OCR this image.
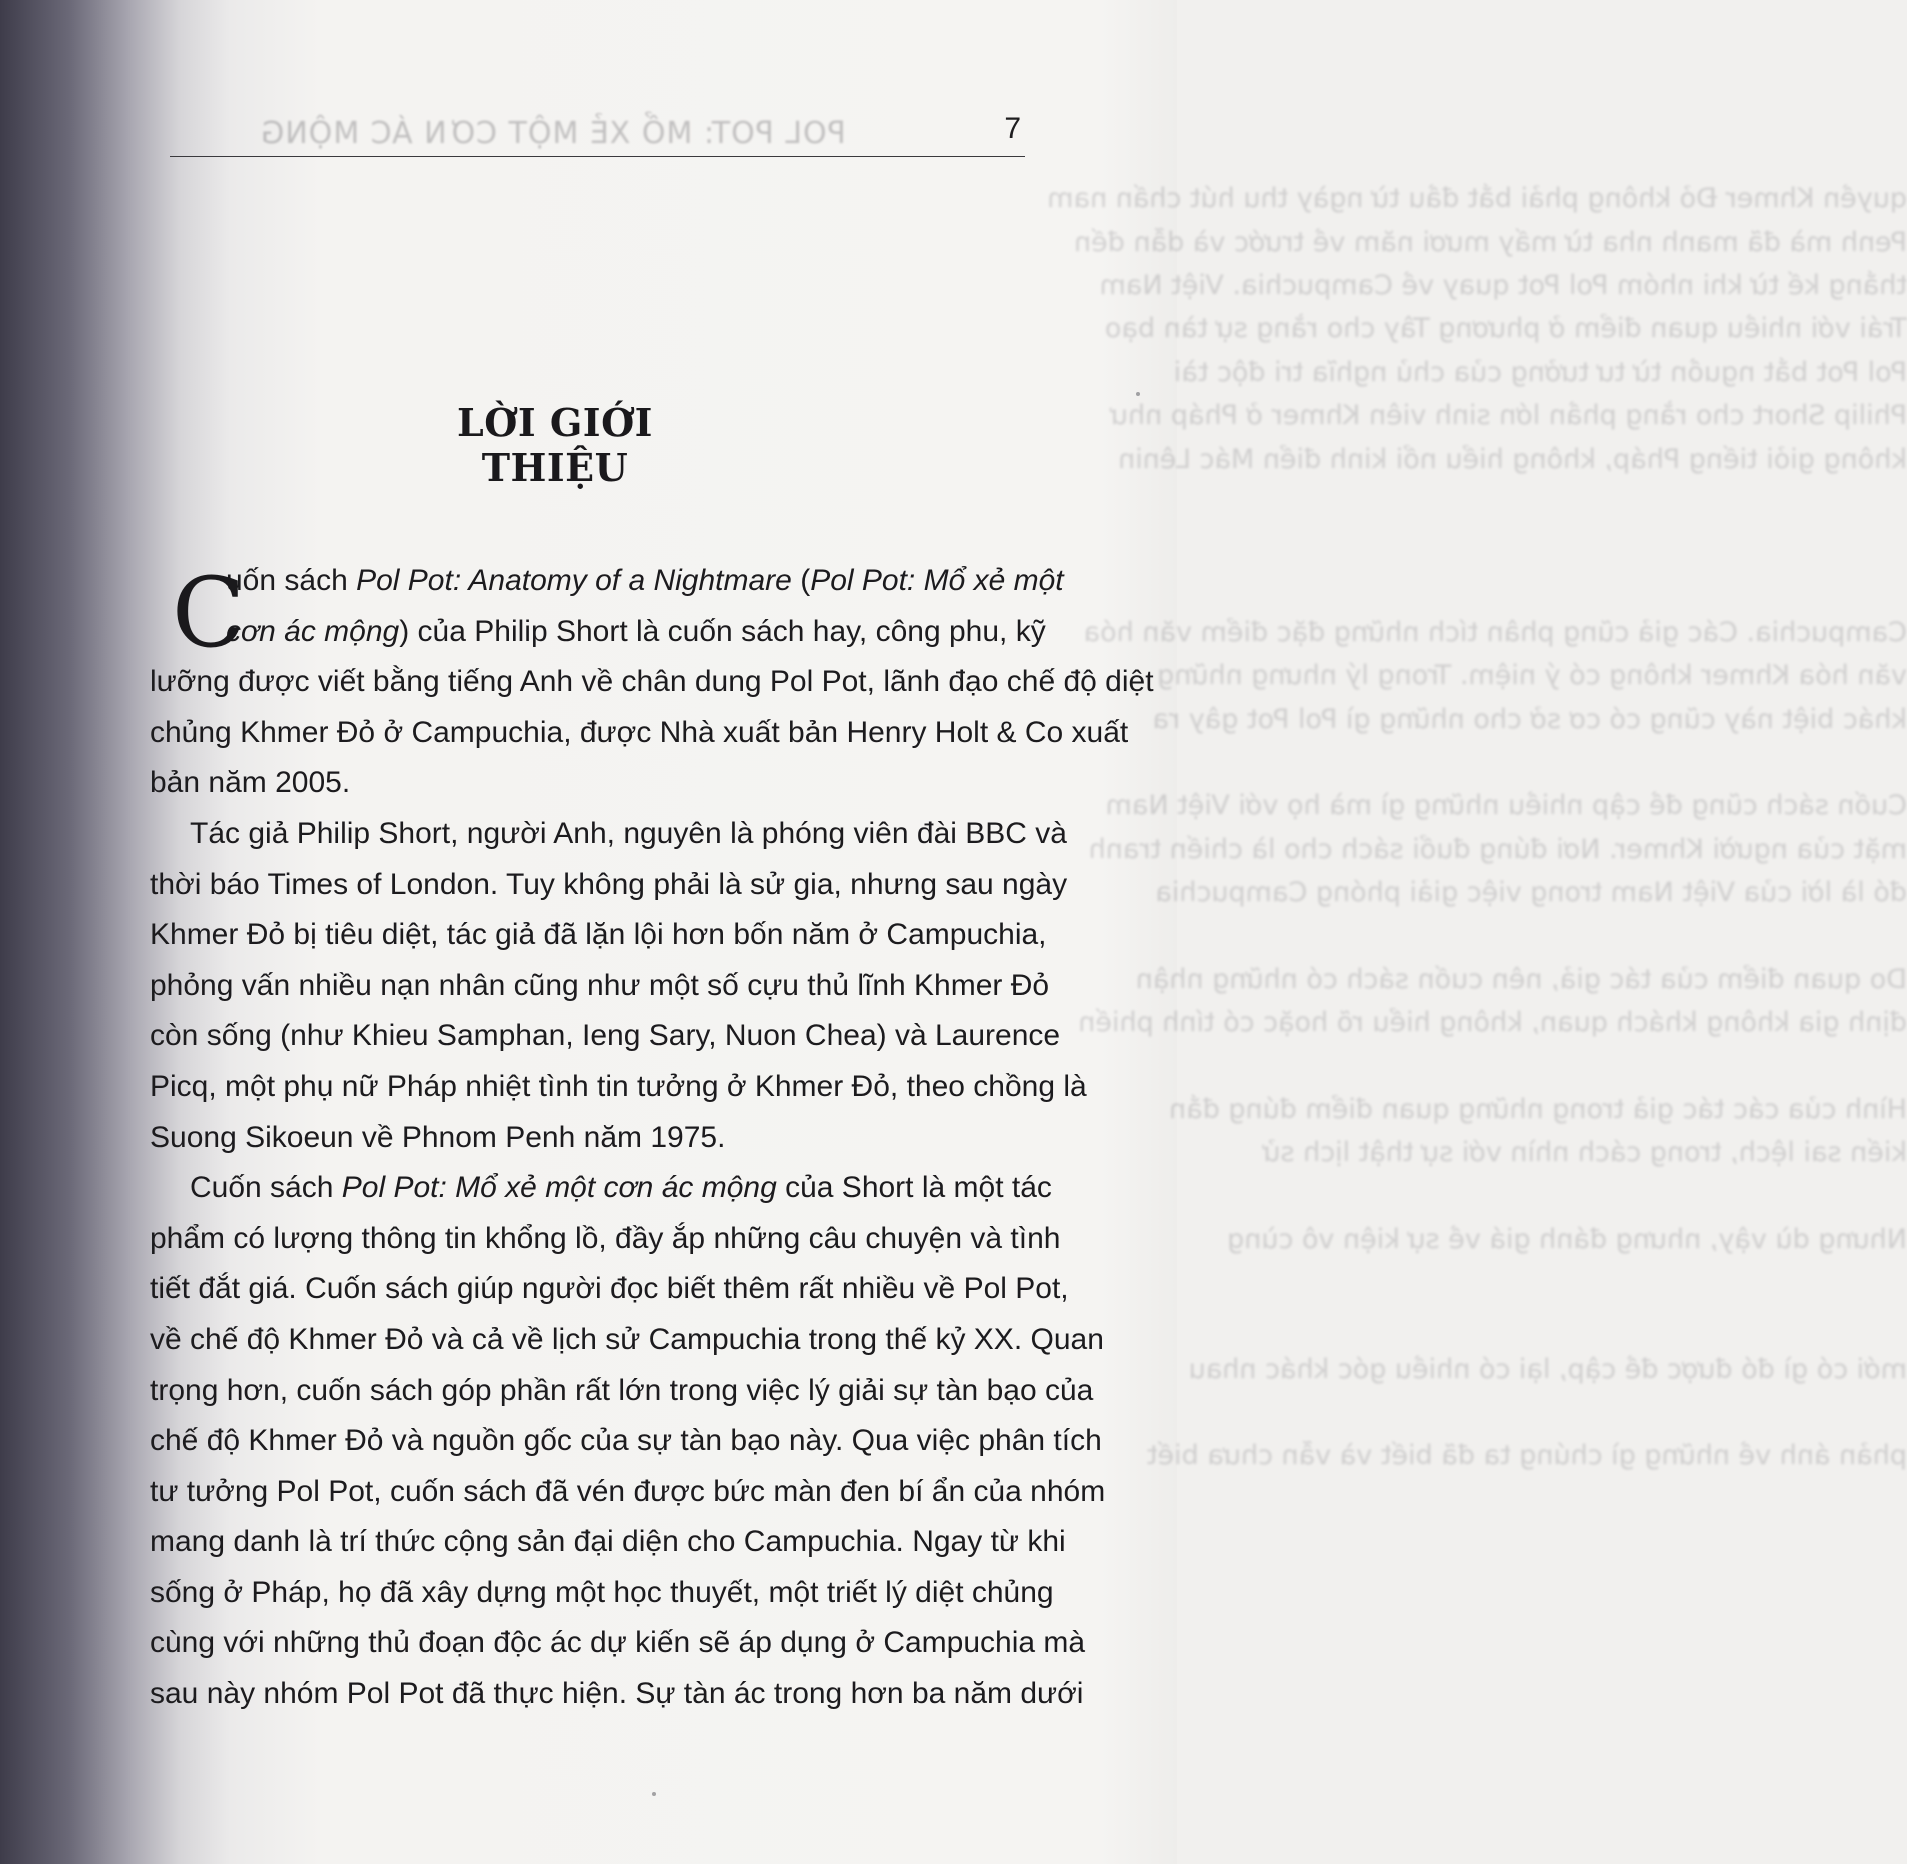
quyền Khmer Đỏ không phải bắt đầu từ ngày thu hút chấn nam
Penh mà đã manh nha từ mấy mươi năm về trước và dẫn đến
thắng kế từ khi nhóm Pol Pot quay về Campuchia. Việt Nam
Trái với nhiều quan điểm ở phương Tây cho rằng sự tàn bạo
Pol Pot bắt nguồn từ tư tưởng của chủ nghĩa tri độc tài
Philip Short cho rằng phần lớn sinh viên Khmer ở Pháp như
không giỏi tiếng Pháp, không hiểu nổi kinh điển Mác Lênin
Campuchia. Các giả cũng phân tích những đặc điểm văn hóa
văn hóa Khmer không có ý niệm. Trong lý nhưng những
khác biệt này cũng có cơ sở cho những gì Pol Pot gây ra
Cuốn sách cũng đề cập nhiều những gì mà họ với Việt Nam
mặt của người Khmer. Nơi đúng đuổi sách cho là chiến tranh
đó là lời của Việt Nam trong việc giải phóng Campuchia
Do quan điểm của tác giả, nên cuốn sách có những nhận
định gia không khách quan, không hiểu rõ hoặc có tính phiến
Hình của các tác giả trong những quan điểm đúng đắn
kiến sai lệch, trong cách nhìn với sự thật lịch sử
Nhưng dù vậy, nhưng đánh giá về sự kiện vô cùng
mới có gì đó được đề cập, lại có nhiều góc khác nhau
phản ánh về những gì chúng ta đã biết và vẫn chưa biết
POL POT: MỔ XẺ MỘT CƠN ÁC MỘNG	7
LỜI GIỚI THIỆU
C
uốn sách Pol Pot: Anatomy of a Nightmare (Pol Pot: Mổ xẻ một
cơn ác mộng) của Philip Short là cuốn sách hay, công phu, kỹ
lưỡng được viết bằng tiếng Anh về chân dung Pol Pot, lãnh đạo chế độ diệt
chủng Khmer Đỏ ở Campuchia, được Nhà xuất bản Henry Holt & Co xuất
bản năm 2005.
Tác giả Philip Short, người Anh, nguyên là phóng viên đài BBC và
thời báo Times of London. Tuy không phải là sử gia, nhưng sau ngày
Khmer Đỏ bị tiêu diệt, tác giả đã lặn lội hơn bốn năm ở Campuchia,
phỏng vấn nhiều nạn nhân cũng như một số cựu thủ lĩnh Khmer Đỏ
còn sống (như Khieu Samphan, Ieng Sary, Nuon Chea) và Laurence
Picq, một phụ nữ Pháp nhiệt tình tin tưởng ở Khmer Đỏ, theo chồng là
Suong Sikoeun về Phnom Penh năm 1975.
Cuốn sách Pol Pot: Mổ xẻ một cơn ác mộng của Short là một tác
phẩm có lượng thông tin khổng lồ, đầy ắp những câu chuyện và tình
tiết đắt giá. Cuốn sách giúp người đọc biết thêm rất nhiều về Pol Pot,
về chế độ Khmer Đỏ và cả về lịch sử Campuchia trong thế kỷ XX. Quan
trọng hơn, cuốn sách góp phần rất lớn trong việc lý giải sự tàn bạo của
chế độ Khmer Đỏ và nguồn gốc của sự tàn bạo này. Qua việc phân tích
tư tưởng Pol Pot, cuốn sách đã vén được bức màn đen bí ẩn của nhóm
mang danh là trí thức cộng sản đại diện cho Campuchia. Ngay từ khi
sống ở Pháp, họ đã xây dựng một học thuyết, một triết lý diệt chủng
cùng với những thủ đoạn độc ác dự kiến sẽ áp dụng ở Campuchia mà
sau này nhóm Pol Pot đã thực hiện. Sự tàn ác trong hơn ba năm dưới
